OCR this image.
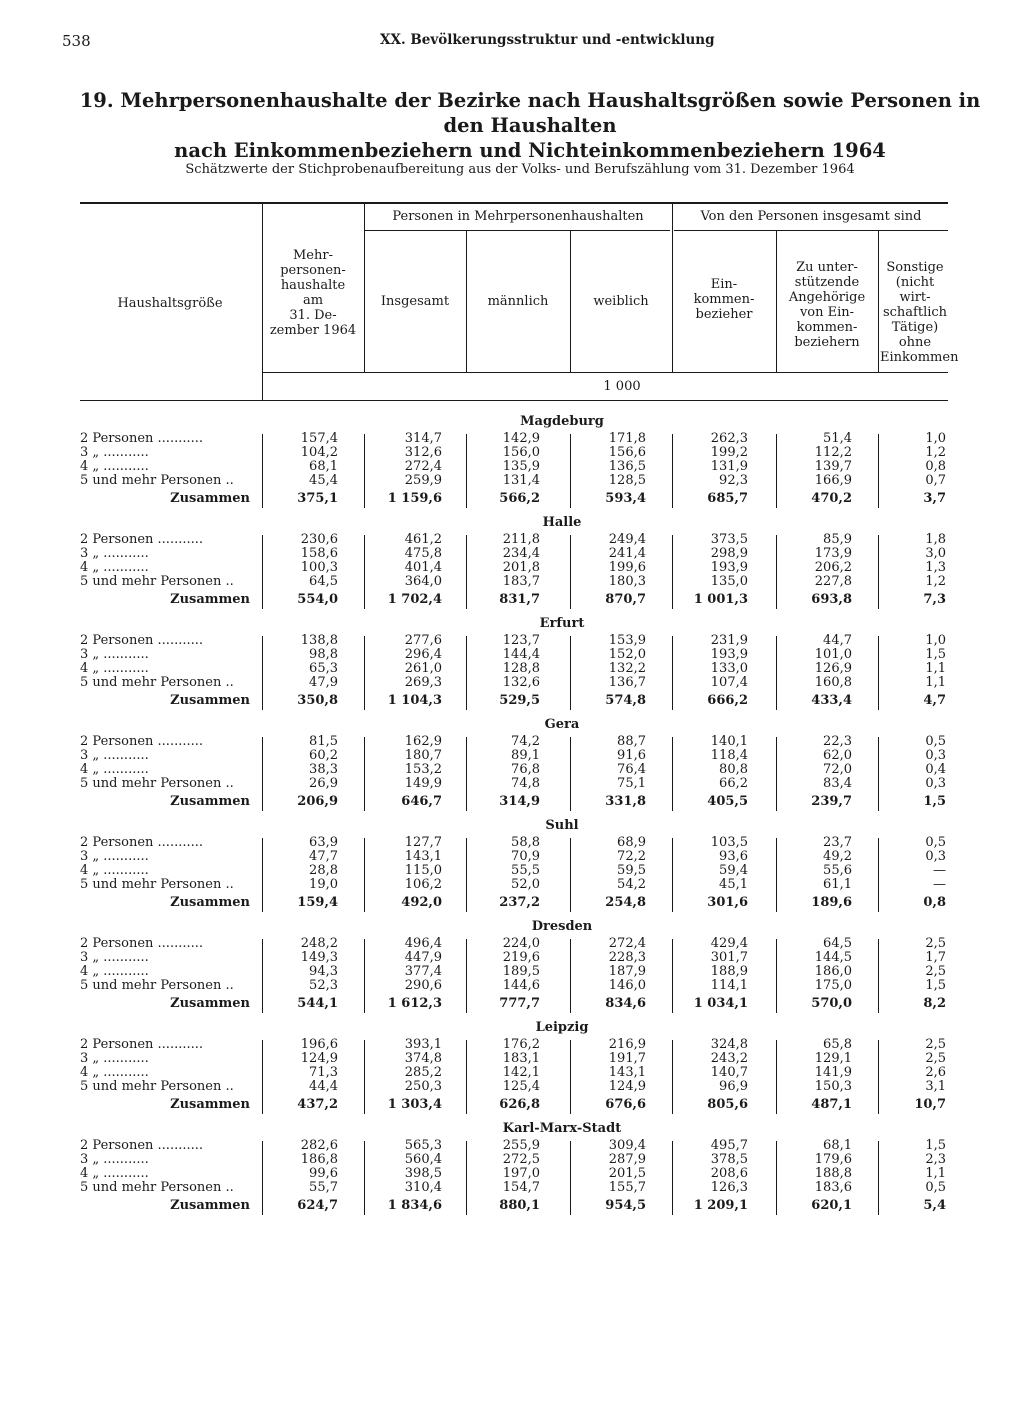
538	XX. Bevölkerungsstruktur und -entwicklung
19. Mehrpersonenhaushalte der Bezirke nach Haushaltsgrößen sowie Personen in den Haushalten
nach Einkommenbeziehern und Nichteinkommenbeziehern 1964
Schätzwerte der Stichprobenaufbereitung aus der Volks- und Berufszählung vom 31. Dezember 1964
Haushaltsgröße
Mehr-
personen-
haushalte
am
31. De-
zember 1964
Personen in Mehrpersonenhaushalten	Von den Personen insgesamt sind
Insgesamt	männlich	weiblich
Ein-
kommen-
bezieher
Zu unter-
stützende
Angehörige
von Ein-
kommen-
beziehern
Sonstige
(nicht wirt-
schaftlich
Tätige)
ohne
Einkommen
1 000
Magdeburg
2 Personen ...........	157,4	314,7	142,9	171,8	262,3	51,4	1,0
3 „ ...........	104,2	312,6	156,0	156,6	199,2	112,2	1,2
4 „ ...........	68,1	272,4	135,9	136,5	131,9	139,7	0,8
5 und mehr Personen ..	45,4	259,9	131,4	128,5	92,3	166,9	0,7
Zusammen	375,1	1 159,6	566,2	593,4	685,7	470,2	3,7
Halle
2 Personen ...........	230,6	461,2	211,8	249,4	373,5	85,9	1,8
3 „ ...........	158,6	475,8	234,4	241,4	298,9	173,9	3,0
4 „ ...........	100,3	401,4	201,8	199,6	193,9	206,2	1,3
5 und mehr Personen ..	64,5	364,0	183,7	180,3	135,0	227,8	1,2
Zusammen	554,0	1 702,4	831,7	870,7	1 001,3	693,8	7,3
Erfurt
2 Personen ...........	138,8	277,6	123,7	153,9	231,9	44,7	1,0
3 „ ...........	98,8	296,4	144,4	152,0	193,9	101,0	1,5
4 „ ...........	65,3	261,0	128,8	132,2	133,0	126,9	1,1
5 und mehr Personen ..	47,9	269,3	132,6	136,7	107,4	160,8	1,1
Zusammen	350,8	1 104,3	529,5	574,8	666,2	433,4	4,7
Gera
2 Personen ...........	81,5	162,9	74,2	88,7	140,1	22,3	0,5
3 „ ...........	60,2	180,7	89,1	91,6	118,4	62,0	0,3
4 „ ...........	38,3	153,2	76,8	76,4	80,8	72,0	0,4
5 und mehr Personen ..	26,9	149,9	74,8	75,1	66,2	83,4	0,3
Zusammen	206,9	646,7	314,9	331,8	405,5	239,7	1,5
Suhl
2 Personen ...........	63,9	127,7	58,8	68,9	103,5	23,7	0,5
3 „ ...........	47,7	143,1	70,9	72,2	93,6	49,2	0,3
4 „ ...........	28,8	115,0	55,5	59,5	59,4	55,6	—
5 und mehr Personen ..	19,0	106,2	52,0	54,2	45,1	61,1	—
Zusammen	159,4	492,0	237,2	254,8	301,6	189,6	0,8
Dresden
2 Personen ...........	248,2	496,4	224,0	272,4	429,4	64,5	2,5
3 „ ...........	149,3	447,9	219,6	228,3	301,7	144,5	1,7
4 „ ...........	94,3	377,4	189,5	187,9	188,9	186,0	2,5
5 und mehr Personen ..	52,3	290,6	144,6	146,0	114,1	175,0	1,5
Zusammen	544,1	1 612,3	777,7	834,6	1 034,1	570,0	8,2
Leipzig
2 Personen ...........	196,6	393,1	176,2	216,9	324,8	65,8	2,5
3 „ ...........	124,9	374,8	183,1	191,7	243,2	129,1	2,5
4 „ ...........	71,3	285,2	142,1	143,1	140,7	141,9	2,6
5 und mehr Personen ..	44,4	250,3	125,4	124,9	96,9	150,3	3,1
Zusammen	437,2	1 303,4	626,8	676,6	805,6	487,1	10,7
Karl-Marx-Stadt
2 Personen ...........	282,6	565,3	255,9	309,4	495,7	68,1	1,5
3 „ ...........	186,8	560,4	272,5	287,9	378,5	179,6	2,3
4 „ ...........	99,6	398,5	197,0	201,5	208,6	188,8	1,1
5 und mehr Personen ..	55,7	310,4	154,7	155,7	126,3	183,6	0,5
Zusammen	624,7	1 834,6	880,1	954,5	1 209,1	620,1	5,4
